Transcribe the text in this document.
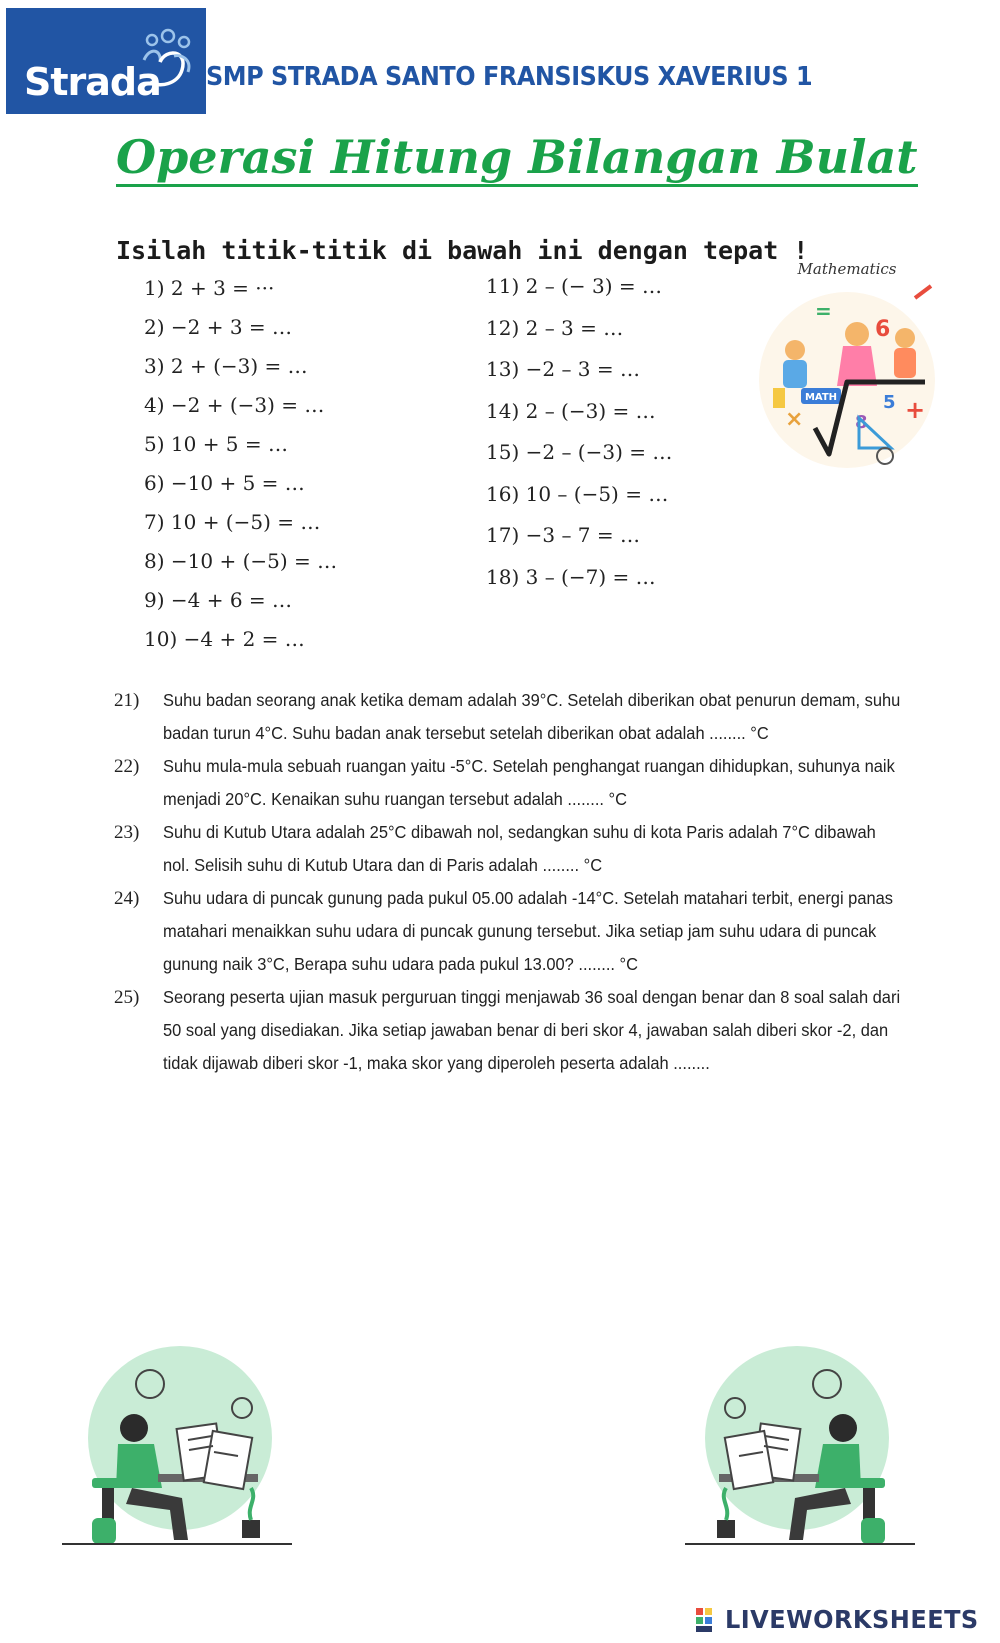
Strada SMP STRADA SANTO FRANSISKUS XAVERIUS 1
Operasi Hitung Bilangan Bulat
Isilah titik-titik di bawah ini dengan tepat !
1) 2 + 3 = ···
2) −2 + 3 = …
3) 2 + (−3) = …
4) −2 + (−3) = …
5) 10 + 5 = …
6) −10 + 5 = …
7) 10 + (−5) = …
8) −10 + (−5) = …
9) −4 + 6 = …
10) −4 + 2 = …
11) 2 – (− 3) = …
12) 2 – 3 = …
13) −2 – 3 = …
14) 2 – (−3) = …
15) −2 – (−3) = …
16) 10 – (−5) = …
17) −3 – 7 = …
18) 3 – (−7) = …
Mathematics
MATH
6
×	+
=
5
8
21) Suhu badan seorang anak ketika demam adalah 39°C. Setelah diberikan obat penurun demam, suhu
badan turun 4°C. Suhu badan anak tersebut setelah diberikan obat adalah ........ °C
22) Suhu mula-mula sebuah ruangan yaitu -5°C. Setelah penghangat ruangan dihidupkan, suhunya naik
menjadi 20°C. Kenaikan suhu ruangan tersebut adalah ........ °C
23) Suhu di Kutub Utara adalah 25°C dibawah nol, sedangkan suhu di kota Paris adalah 7°C dibawah
nol. Selisih suhu di Kutub Utara dan di Paris adalah ........ °C
24) Suhu udara di puncak gunung pada pukul 05.00 adalah -14°C. Setelah matahari terbit, energi panas
matahari menaikkan suhu udara di puncak gunung tersebut. Jika setiap jam suhu udara di puncak
gunung naik 3°C, Berapa suhu udara pada pukul 13.00? ........ °C
25) Seorang peserta ujian masuk perguruan tinggi menjawab 36 soal dengan benar dan 8 soal salah dari
50 soal yang disediakan. Jika setiap jawaban benar di beri skor 4, jawaban salah diberi skor -2, dan
tidak dijawab diberi skor -1, maka skor yang diperoleh peserta adalah ........
LIVEWORKSHEETS
